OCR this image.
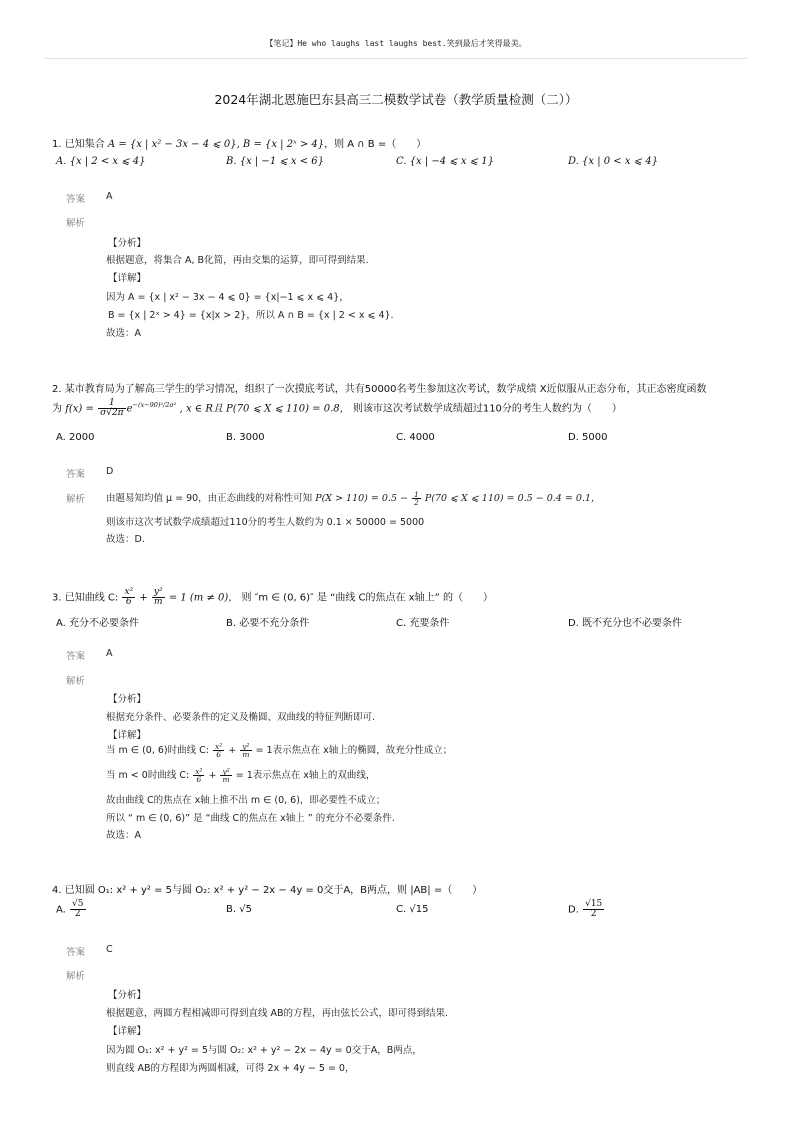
【笔记】He who laughs last laughs best.笑到最后才笑得最美。
2024年湖北恩施巴东县高三二模数学试卷（教学质量检测（二））
1. 已知集合 A = {x | x² − 3x − 4 ⩽ 0}, B = {x | 2ˣ > 4}，则 A ∩ B =（　　）
A. {x | 2 < x ⩽ 4}	B. {x | −1 ⩽ x < 6}	C. {x | −4 ⩽ x ⩽ 1}	D. {x | 0 < x ⩽ 4}
答案 A
解析
【分析】
根据题意，将集合 A, B化简，再由交集的运算，即可得到结果.
【详解】
因为 A = {x | x² − 3x − 4 ⩽ 0} = {x|−1 ⩽ x ⩽ 4}，
B = {x | 2ˣ > 4} = {x|x > 2}，所以 A ∩ B = {x | 2 < x ⩽ 4}.
故选：A
2. 某市教育局为了解高三学生的学习情况，组织了一次摸底考试，共有50000名考生参加这次考试，数学成绩 X近似服从正态分布，其正态密度函数
为 $f(x) = \frac{1}{\sigma√2\pi} e^{-(x-90)^2/2\sigma^2}$ , x ∈ R且 P(70 ⩽ X ⩽ 110) = 0.8， 则该市这次考试数学成绩超过110分的考生人数约为（　　）
A. 2000	B. 3000	C. 4000	D. 5000
答案 D
解析 由题易知均值 μ = 90，由正态曲线的对称性可知 $P(X > 110) = 0.5 - \frac{1}{2} P(70$ ⩽ X ⩽ 110) = 0.5 − 0.4 = 0.1，
则该市这次考试数学成绩超过110分的考生人数约为 0.1 × 50000 = 5000
故选：D.
3. 已知曲线 C: $\frac{\text{x²}}{6} + \frac{\text{y²}}{m} = 1$ (m ≠ 0)， 则 ″m ∈ (0, 6)″ 是 “曲线 C的焦点在 x轴上” 的（　　）
A. 充分不必要条件	B. 必要不充分条件	C. 充要条件	D. 既不充分也不必要条件
答案 A
解析
【分析】
根据充分条件、必要条件的定义及椭圆、双曲线的特征判断即可.
【详解】
当 m ∈ (0, 6)时曲线 C: $\frac{\text{x²}}{6} + \frac{\text{y²}}{m} = 1$表示焦点在 x轴上的椭圆，故充分性成立；
当 m < 0时曲线 C: $\frac{\text{x²}}{6} + \frac{\text{y²}}{m} = 1$表示焦点在 x轴上的双曲线，
故由曲线 C的焦点在 x轴上推不出 m ∈ (0, 6)，即必要性不成立；
所以 “ m ∈ (0, 6)” 是 “曲线 C的焦点在 x轴上 ” 的充分不必要条件.
故选：A
4. 已知圆 O₁: x² + y² = 5与圆 O₂: x² + y² − 2x − 4y = 0交于A，B两点，则 |AB| =（　　）
A. $\frac{√5}{2}$	B. √5	C. √15	D. $\frac{√15}{2}$
答案 C
解析
【分析】
根据题意，两圆方程相减即可得到直线 AB的方程，再由弦长公式，即可得到结果.
【详解】
因为圆 O₁: x² + y² = 5与圆 O₂: x² + y² − 2x − 4y = 0交于A，B两点，
则直线 AB的方程即为两圆相减，可得 2x + 4y − 5 = 0，
